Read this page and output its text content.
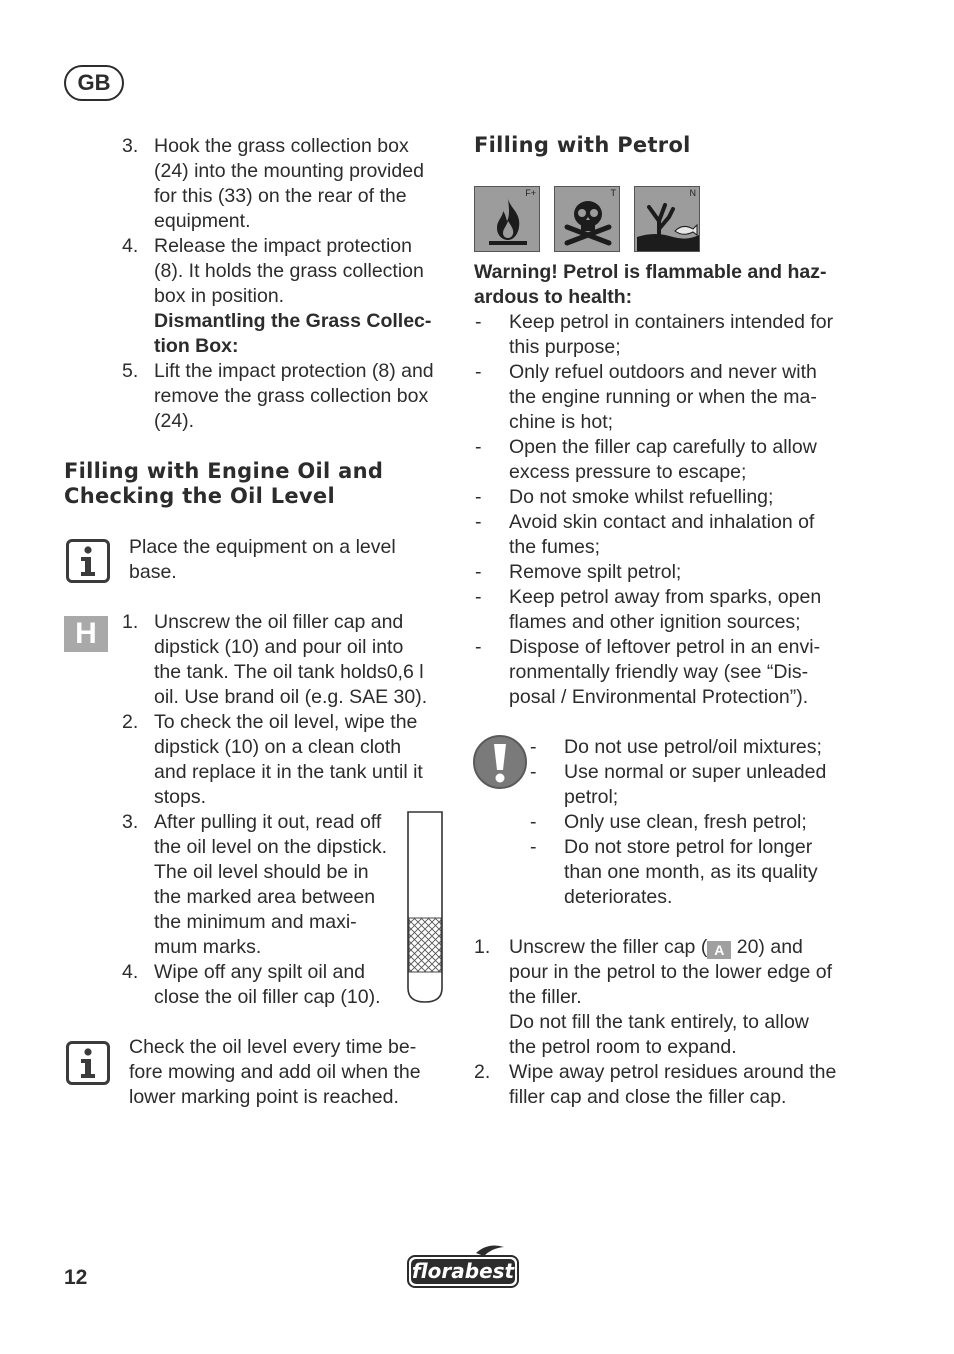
GB
3. Hook the grass collection box
(24) into the mounting provided
for this (33) on the rear of the
equipment.
4. Release the impact protection
(8). It holds the grass collection
box in position.
Dismantling the Grass Collec-
tion Box:
5. Lift the impact protection (8) and
remove the grass collection box
(24).
Filling with Engine Oil and
Checking the Oil Level
Place the equipment on a level
base.
H	1. Unscrew the oil filler cap and
dipstick (10) and pour oil into
the tank. The oil tank holds0,6 l
oil. Use brand oil (e.g. SAE 30).
2. To check the oil level, wipe the
dipstick (10) on a clean cloth
and replace it in the tank until it
stops.
3. After pulling it out, read off
the oil level on the dipstick.
The oil level should be in
the marked area between
the minimum and maxi-
mum marks.
4. Wipe off any spilt oil and
close the oil filler cap (10).
Check the oil level every time be-
fore mowing and add oil when the
lower marking point is reached.
Filling with Petrol
F+	T	N
Warning! Petrol is flammable and haz-
ardous to health:
- Keep petrol in containers intended for
this purpose;
- Only refuel outdoors and never with
the engine running or when the ma-
chine is hot;
- Open the filler cap carefully to allow
excess pressure to escape;
- Do not smoke whilst refuelling;
- Avoid skin contact and inhalation of
the fumes;
- Remove spilt petrol;
- Keep petrol away from sparks, open
flames and other ignition sources;
- Dispose of leftover petrol in an envi-
ronmentally friendly way (see “Dis-
posal / Environmental Protection”).
- Do not use petrol/oil mixtures;
- Use normal or super unleaded
petrol;
- Only use clean, fresh petrol;
- Do not store petrol for longer
than one month, as its quality
deteriorates.
1. Unscrew the filler cap ( A 20) and
pour in the petrol to the lower edge of
the filler.
Do not fill the tank entirely, to allow
the petrol room to expand.
2. Wipe away petrol residues around the
filler cap and close the filler cap.
12	florabest
